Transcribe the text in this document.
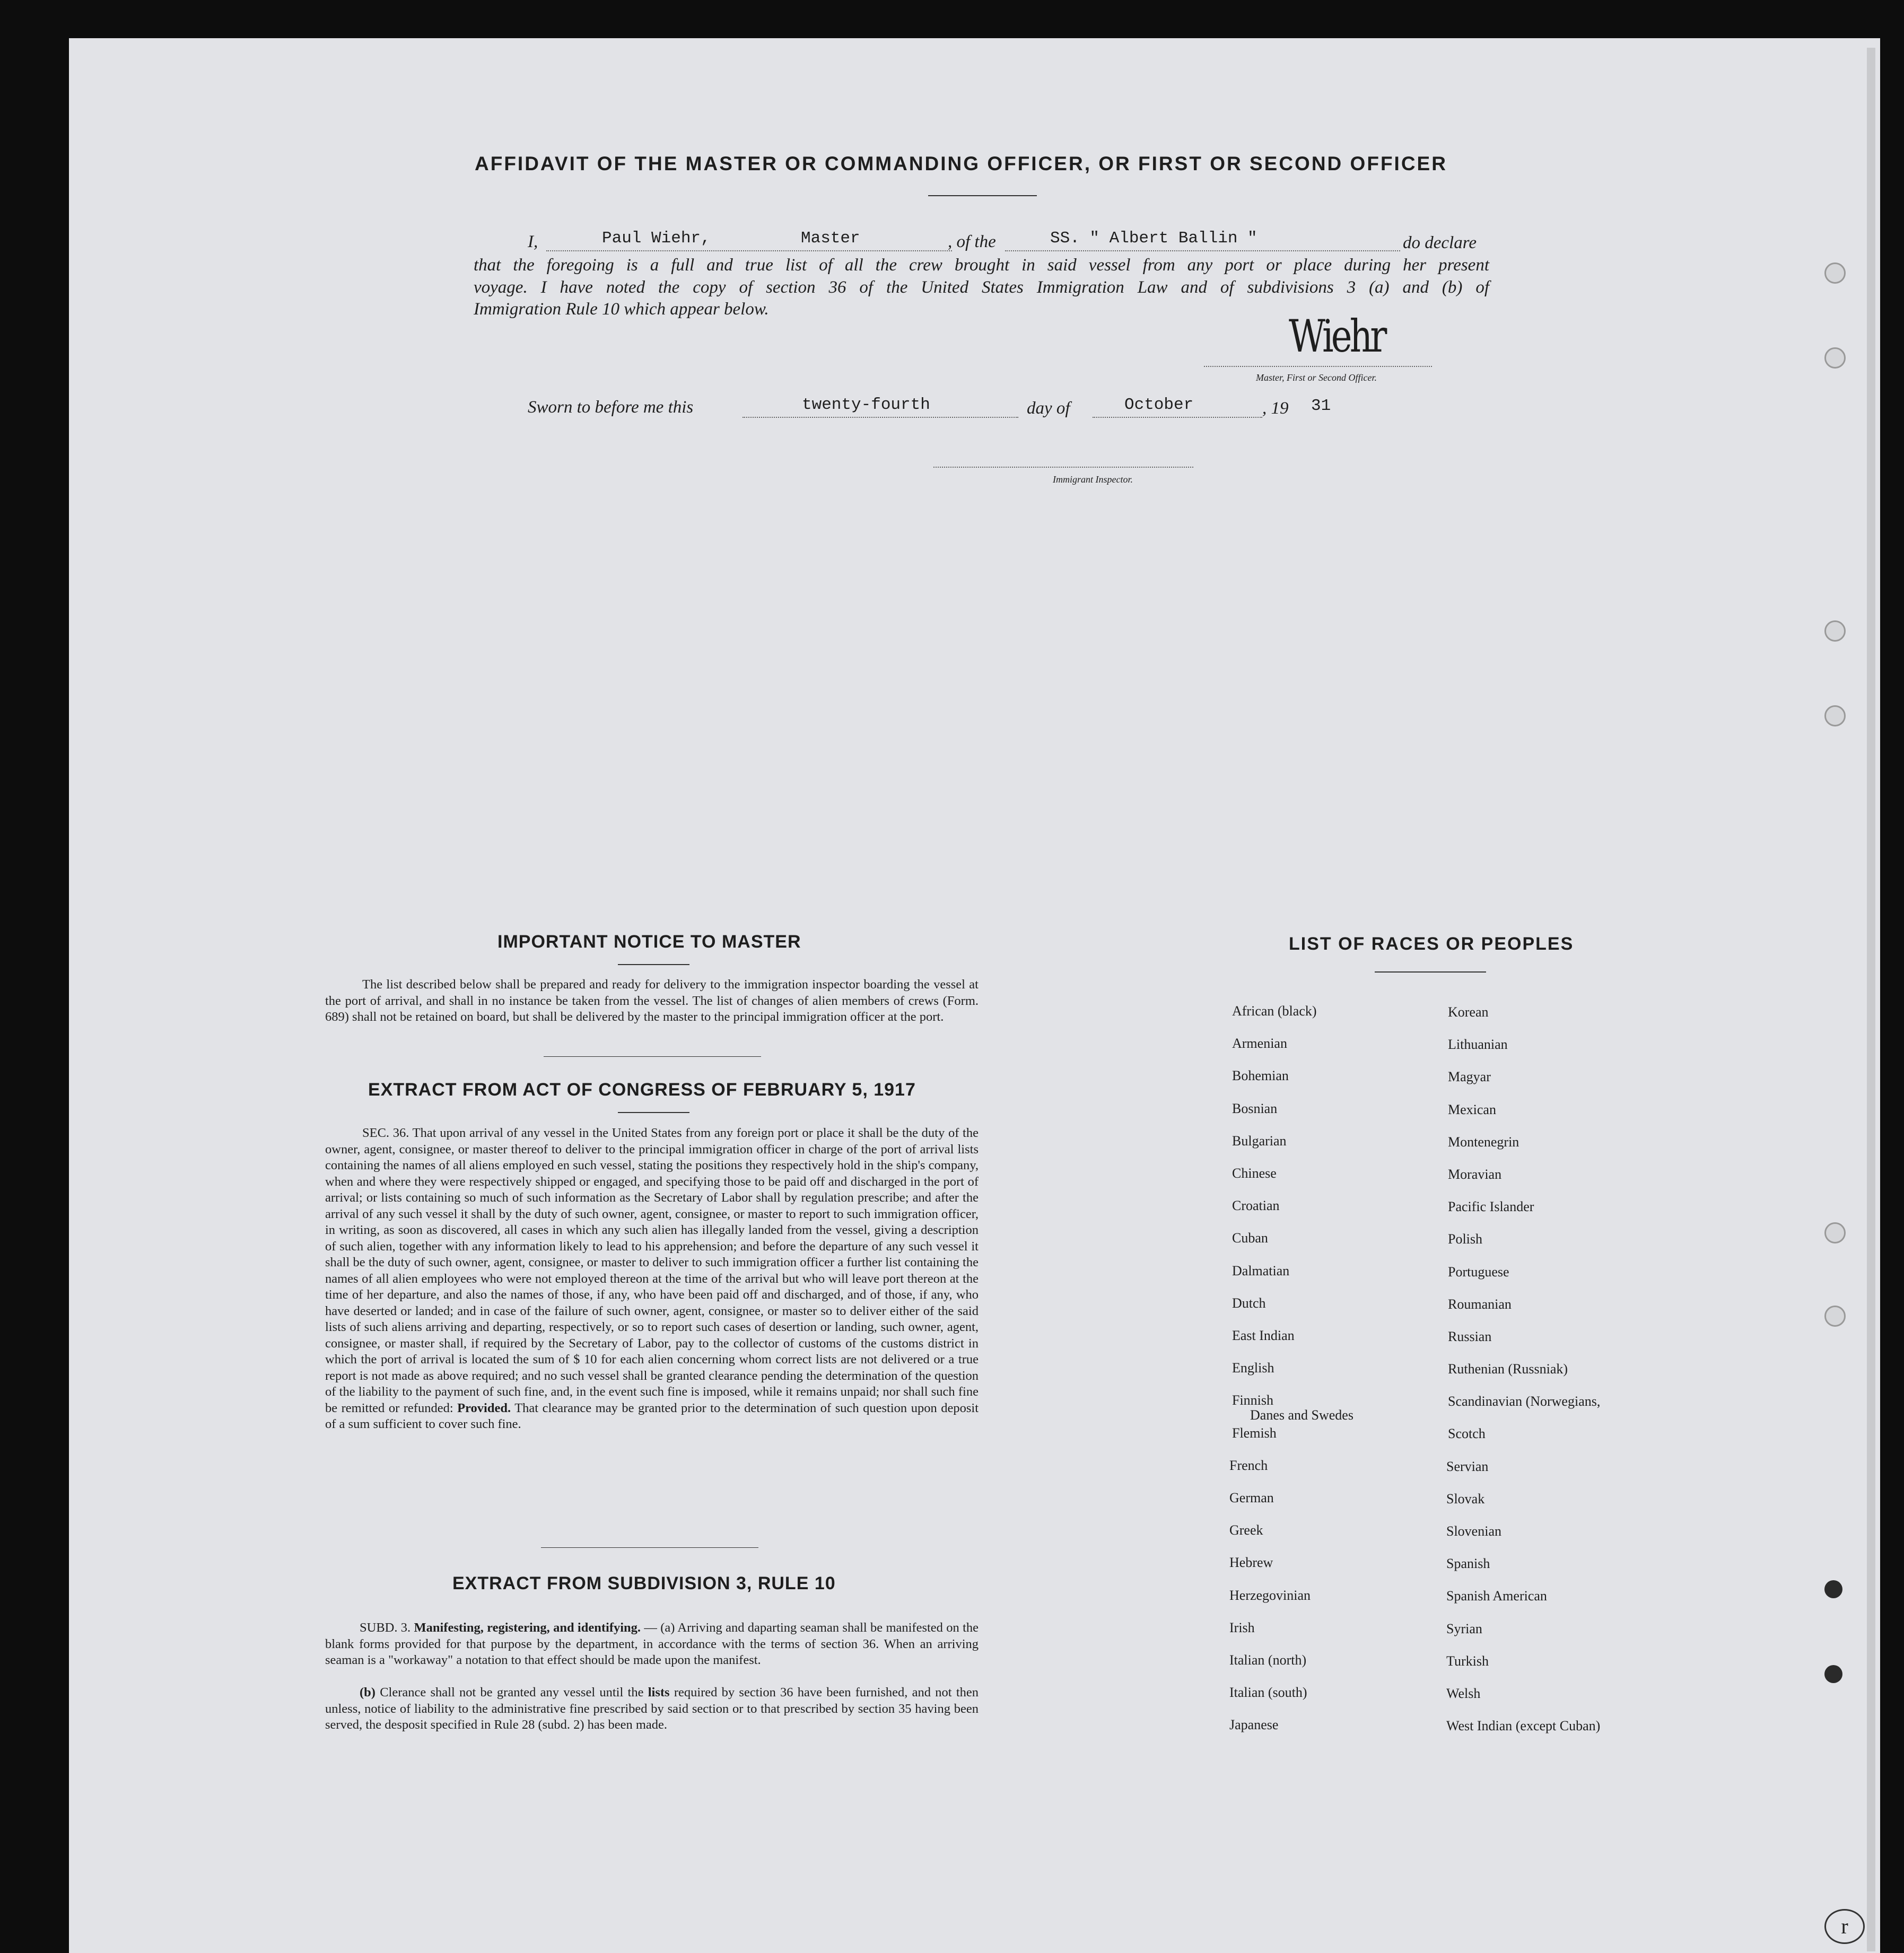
r
AFFIDAVIT OF THE MASTER OR COMMANDING OFFICER, OR FIRST OR SECOND OFFICER
I,	Paul Wiehr,	Master	, of the	SS. " Albert Ballin "	do declare
that the foregoing is a full and true list of all the crew brought in said vessel from any port or place during her present
voyage. I have noted the copy of section 36 of the United States Immigration Law and of subdivisions 3 (a) and (b) of
Immigration Rule 10 which appear below.
Wiehr
Master, First or Second Officer.
Sworn to before me this	twenty-fourth	day of	October	, 19 31
Immigrant Inspector.
IMPORTANT NOTICE TO MASTER
The list described below shall be prepared and ready for delivery to the immigration inspector boarding the vessel at the port of arrival, and shall in no instance be taken from the vessel. The list of changes of alien members of crews (Form. 689) shall not be retained on board, but shall be delivered by the master to the principal immigration officer at the port.
EXTRACT FROM ACT OF CONGRESS OF FEBRUARY 5, 1917
SEC. 36. That upon arrival of any vessel in the United States from any foreign port or place it shall be the duty of the owner, agent, consignee, or master thereof to deliver to the principal immigration officer in charge of the port of arrival lists containing the names of all aliens employed en such vessel, stating the positions they respectively hold in the ship's company, when and where they were respectively shipped or engaged, and specifying those to be paid off and discharged in the port of arrival; or lists containing so much of such information as the Secretary of Labor shall by regulation prescribe; and after the arrival of any such vessel it shall by the duty of such owner, agent, consignee, or master to report to such immigration officer, in writing, as soon as discovered, all cases in which any such alien has illegally landed from the vessel, giving a description of such alien, together with any information likely to lead to his apprehension; and before the departure of any such vessel it shall be the duty of such owner, agent, consignee, or master to deliver to such immigration officer a further list containing the names of all alien employees who were not employed thereon at the time of the arrival but who will leave port thereon at the time of her departure, and also the names of those, if any, who have been paid off and discharged, and of those, if any, who have deserted or landed; and in case of the failure of such owner, agent, consignee, or master so to deliver either of the said lists of such aliens arriving and departing, respectively, or so to report such cases of desertion or landing, such owner, agent, consignee, or master shall, if required by the Secretary of Labor, pay to the collector of customs of the customs district in which the port of arrival is located the sum of $ 10 for each alien concerning whom correct lists are not delivered or a true report is not made as above required; and no such vessel shall be granted clearance pending the determination of the question of the liability to the payment of such fine, and, in the event such fine is imposed, while it remains unpaid; nor shall such fine be remitted or refunded: Provided. That clearance may be granted prior to the determination of such question upon deposit of a sum sufficient to cover such fine.
EXTRACT FROM SUBDIVISION 3, RULE 10
SUBD. 3. Manifesting, registering, and identifying. — (a) Arriving and daparting seaman shall be manifested on the blank forms provided for that purpose by the department, in accordance with the terms of section 36. When an arriving seaman is a "workaway" a notation to that effect should be made upon the manifest.
(b) Clerance shall not be granted any vessel until the lists required by section 36 have been furnished, and not then unless, notice of liability to the administrative fine prescribed by said section or to that prescribed by section 35 having been served, the desposit specified in Rule 28 (subd. 2) has been made.
LIST OF RACES OR PEOPLES
African (black)
Armenian
Bohemian
Bosnian
Bulgarian
Chinese
Croatian
Cuban
Dalmatian
Dutch
East Indian
English
Finnish
Flemish
French
German
Greek
Hebrew
Herzegovinian
Irish
Italian (north)
Italian (south)
Japanese
Korean
Lithuanian
Magyar
Mexican
Montenegrin
Moravian
Pacific Islander
Polish
Portuguese
Roumanian
Russian
Ruthenian (Russniak)
Scandinavian (Norwegians,
Danes and Swedes
Scotch
Servian
Slovak
Slovenian
Spanish
Spanish American
Syrian
Turkish
Welsh
West Indian (except Cuban)
